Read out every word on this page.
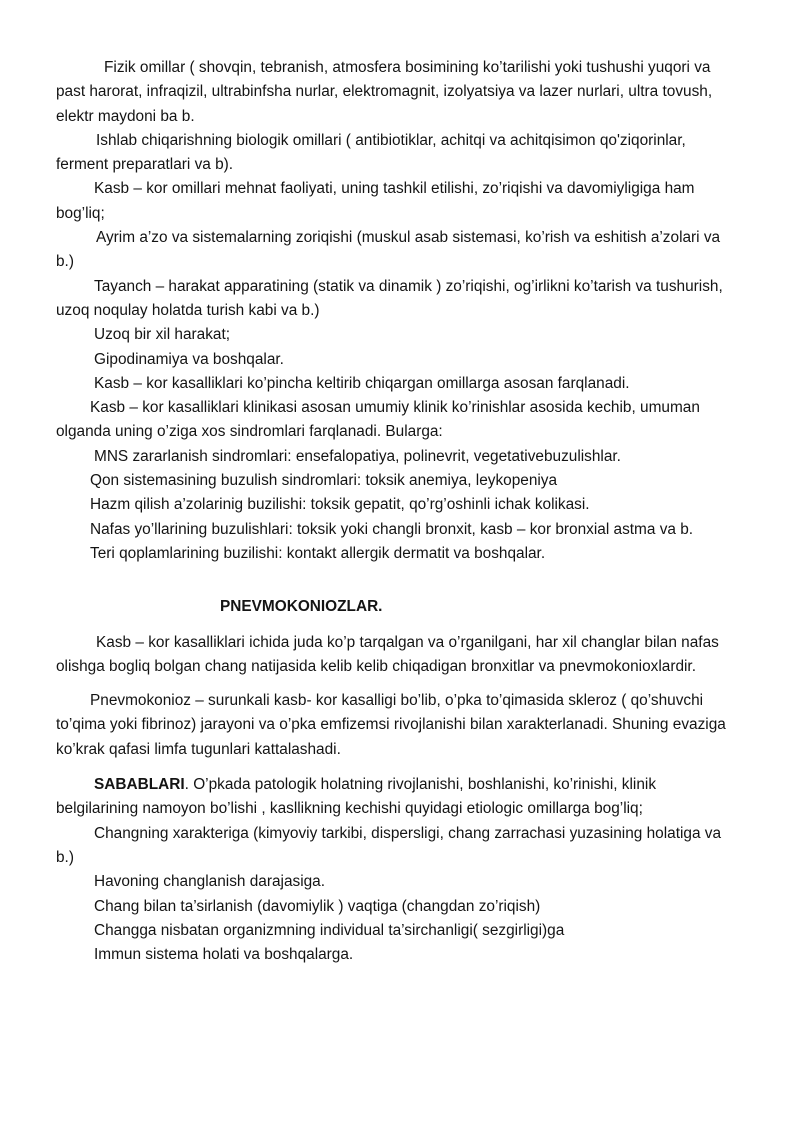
Fizik omillar ( shovqin, tebranish, atmosfera bosimining ko’tarilishi yoki tushushi yuqori va past harorat, infraqizil, ultrabinfsha nurlar, elektromagnit, izolyatsiya va lazer nurlari, ultra tovush, elektr maydoni ba b.

Ishlab chiqarishning biologik omillari ( antibiotiklar, achitqi va achitqisimon qo'ziqorinlar, ferment preparatlari va b).

Kasb – kor omillari mehnat faoliyati, uning tashkil etilishi, zo’riqishi va davomiyligiga ham bog’liq;

Ayrim a’zo va sistemalarning zoriqishi (muskul asab sistemasi, ko’rish va eshitish a’zolari va b.)

Tayanch – harakat apparatining (statik va dinamik ) zo’riqishi, og’irlikni ko’tarish va tushurish, uzoq noqulay holatda turish kabi va b.)

Uzoq bir xil harakat;

Gipodinamiya va boshqalar.

Kasb – kor kasalliklari ko’pincha keltirib chiqargan omillarga asosan farqlanadi.

Kasb – kor kasalliklari klinikasi asosan umumiy klinik ko’rinishlar asosida kechib, umuman olganda uning o’ziga xos sindromlari farqlanadi. Bularga:

MNS zararlanish sindromlari: ensefalopatiya, polinevrit, vegetativebuzulishlar.

Qon sistemasining buzulish sindromlari: toksik anemiya, leykopeniya

Hazm qilish a’zolarinig buzilishi: toksik gepatit, qo’rg’oshinli ichak kolikasi.

Nafas yo’llarining buzulishlari: toksik yoki changli bronxit, kasb – kor bronxial astma va b.

Teri qoplamlarining buzilishi: kontakt allergik dermatit va boshqalar.

PNEVMOKONIOZLAR.

Kasb – kor kasalliklari ichida juda ko’p tarqalgan va o’rganilgani, har xil changlar bilan nafas olishga bogliq bolgan chang natijasida kelib kelib chiqadigan bronxitlar va pnevmokonioxlardir.

Pnevmokonioz – surunkali kasb- kor kasalligi bo’lib, o’pka to’qimasida skleroz ( qo’shuvchi to’qima yoki fibrinoz) jarayoni va o’pka emfizemsi rivojlanishi bilan xarakterlanadi. Shuning evaziga ko’krak qafasi limfa tugunlari kattalashadi.

SABABLARI. O’pkada patologik holatning rivojlanishi, boshlanishi, ko’rinishi, klinik belgilarining namoyon bo’lishi , kasllikning kechishi quyidagi etiologic omillarga bog’liq;

Changning xarakteriga (kimyoviy tarkibi, dispersligi, chang zarrachasi yuzasining holatiga va b.)

Havoning changlanish darajasiga.

Chang bilan ta’sirlanish (davomiylik ) vaqtiga (changdan zo’riqish)

Changga nisbatan organizmning individual ta’sirchanligi( sezgirligi)ga

Immun sistema holati va boshqalarga.
